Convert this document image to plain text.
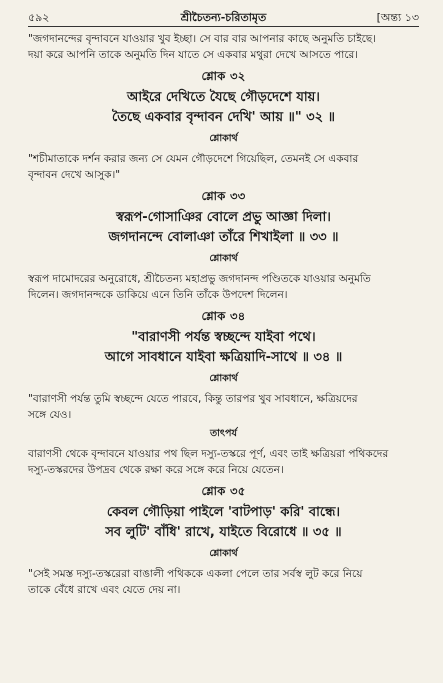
৫৯২	শ্রীচৈতন্য-চরিতামৃত	[অন্ত্য ১৩
"জগদানন্দের বৃন্দাবনে যাওয়ার খুব ইচ্ছা। সে বার বার আপনার কাছে অনুমতি চাইছে।
দয়া করে আপনি তাকে অনুমতি দিন যাতে সে একবার মথুরা দেখে আসতে পারে।
শ্লোক ৩২
আইরে দেখিতে যৈছে গৌড়দেশে যায়।
তৈছে একবার বৃন্দাবন দেখি' আয় ॥" ৩২ ॥
শ্লোকার্থ
"শচীমাতাকে দর্শন করার জন্য সে যেমন গৌড়দেশে গিয়েছিল, তেমনই সে একবার
বৃন্দাবন দেখে আসুক।"
শ্লোক ৩৩
স্বরূপ-গোসাঞির বোলে প্রভু আজ্ঞা দিলা।
জগদানন্দে বোলাঞা তাঁরে শিখাইলা ॥ ৩৩ ॥
শ্লোকার্থ
স্বরূপ দামোদরের অনুরোধে, শ্রীচৈতন্য মহাপ্রভু জগদানন্দ পণ্ডিতকে যাওয়ার অনুমতি
দিলেন। জগদানন্দকে ডাকিয়ে এনে তিনি তাঁকে উপদেশ দিলেন।
শ্লোক ৩৪
"বারাণসী পর্যন্ত স্বচ্ছন্দে যাইবা পথে।
আগে সাবধানে যাইবা ক্ষত্রিয়াদি-সাথে ॥ ৩৪ ॥
শ্লোকার্থ
"বারাণসী পর্যন্ত তুমি স্বচ্ছন্দে যেতে পারবে, কিন্তু তারপর খুব সাবধানে, ক্ষত্রিয়দের
সঙ্গে যেও।
তাৎপর্য
বারাণসী থেকে বৃন্দাবনে যাওয়ার পথ ছিল দস্যু-তস্করে পূর্ণ, এবং তাই ক্ষত্রিয়রা পথিকদের
দস্যু-তস্করদের উপদ্রব থেকে রক্ষা করে সঙ্গে করে নিয়ে যেতেন।
শ্লোক ৩৫
কেবল গৌড়িয়া পাইলে 'বাটপাড়' করি' বান্ধে।
সব লুটি' বাঁধি' রাখে, যাইতে বিরোধে ॥ ৩৫ ॥
শ্লোকার্থ
"সেই সমস্ত দস্যু-তস্করেরা বাঙালী পথিককে একলা পেলে তার সর্বস্ব লুট করে নিয়ে
তাকে বেঁধে রাখে এবং যেতে দেয় না।
